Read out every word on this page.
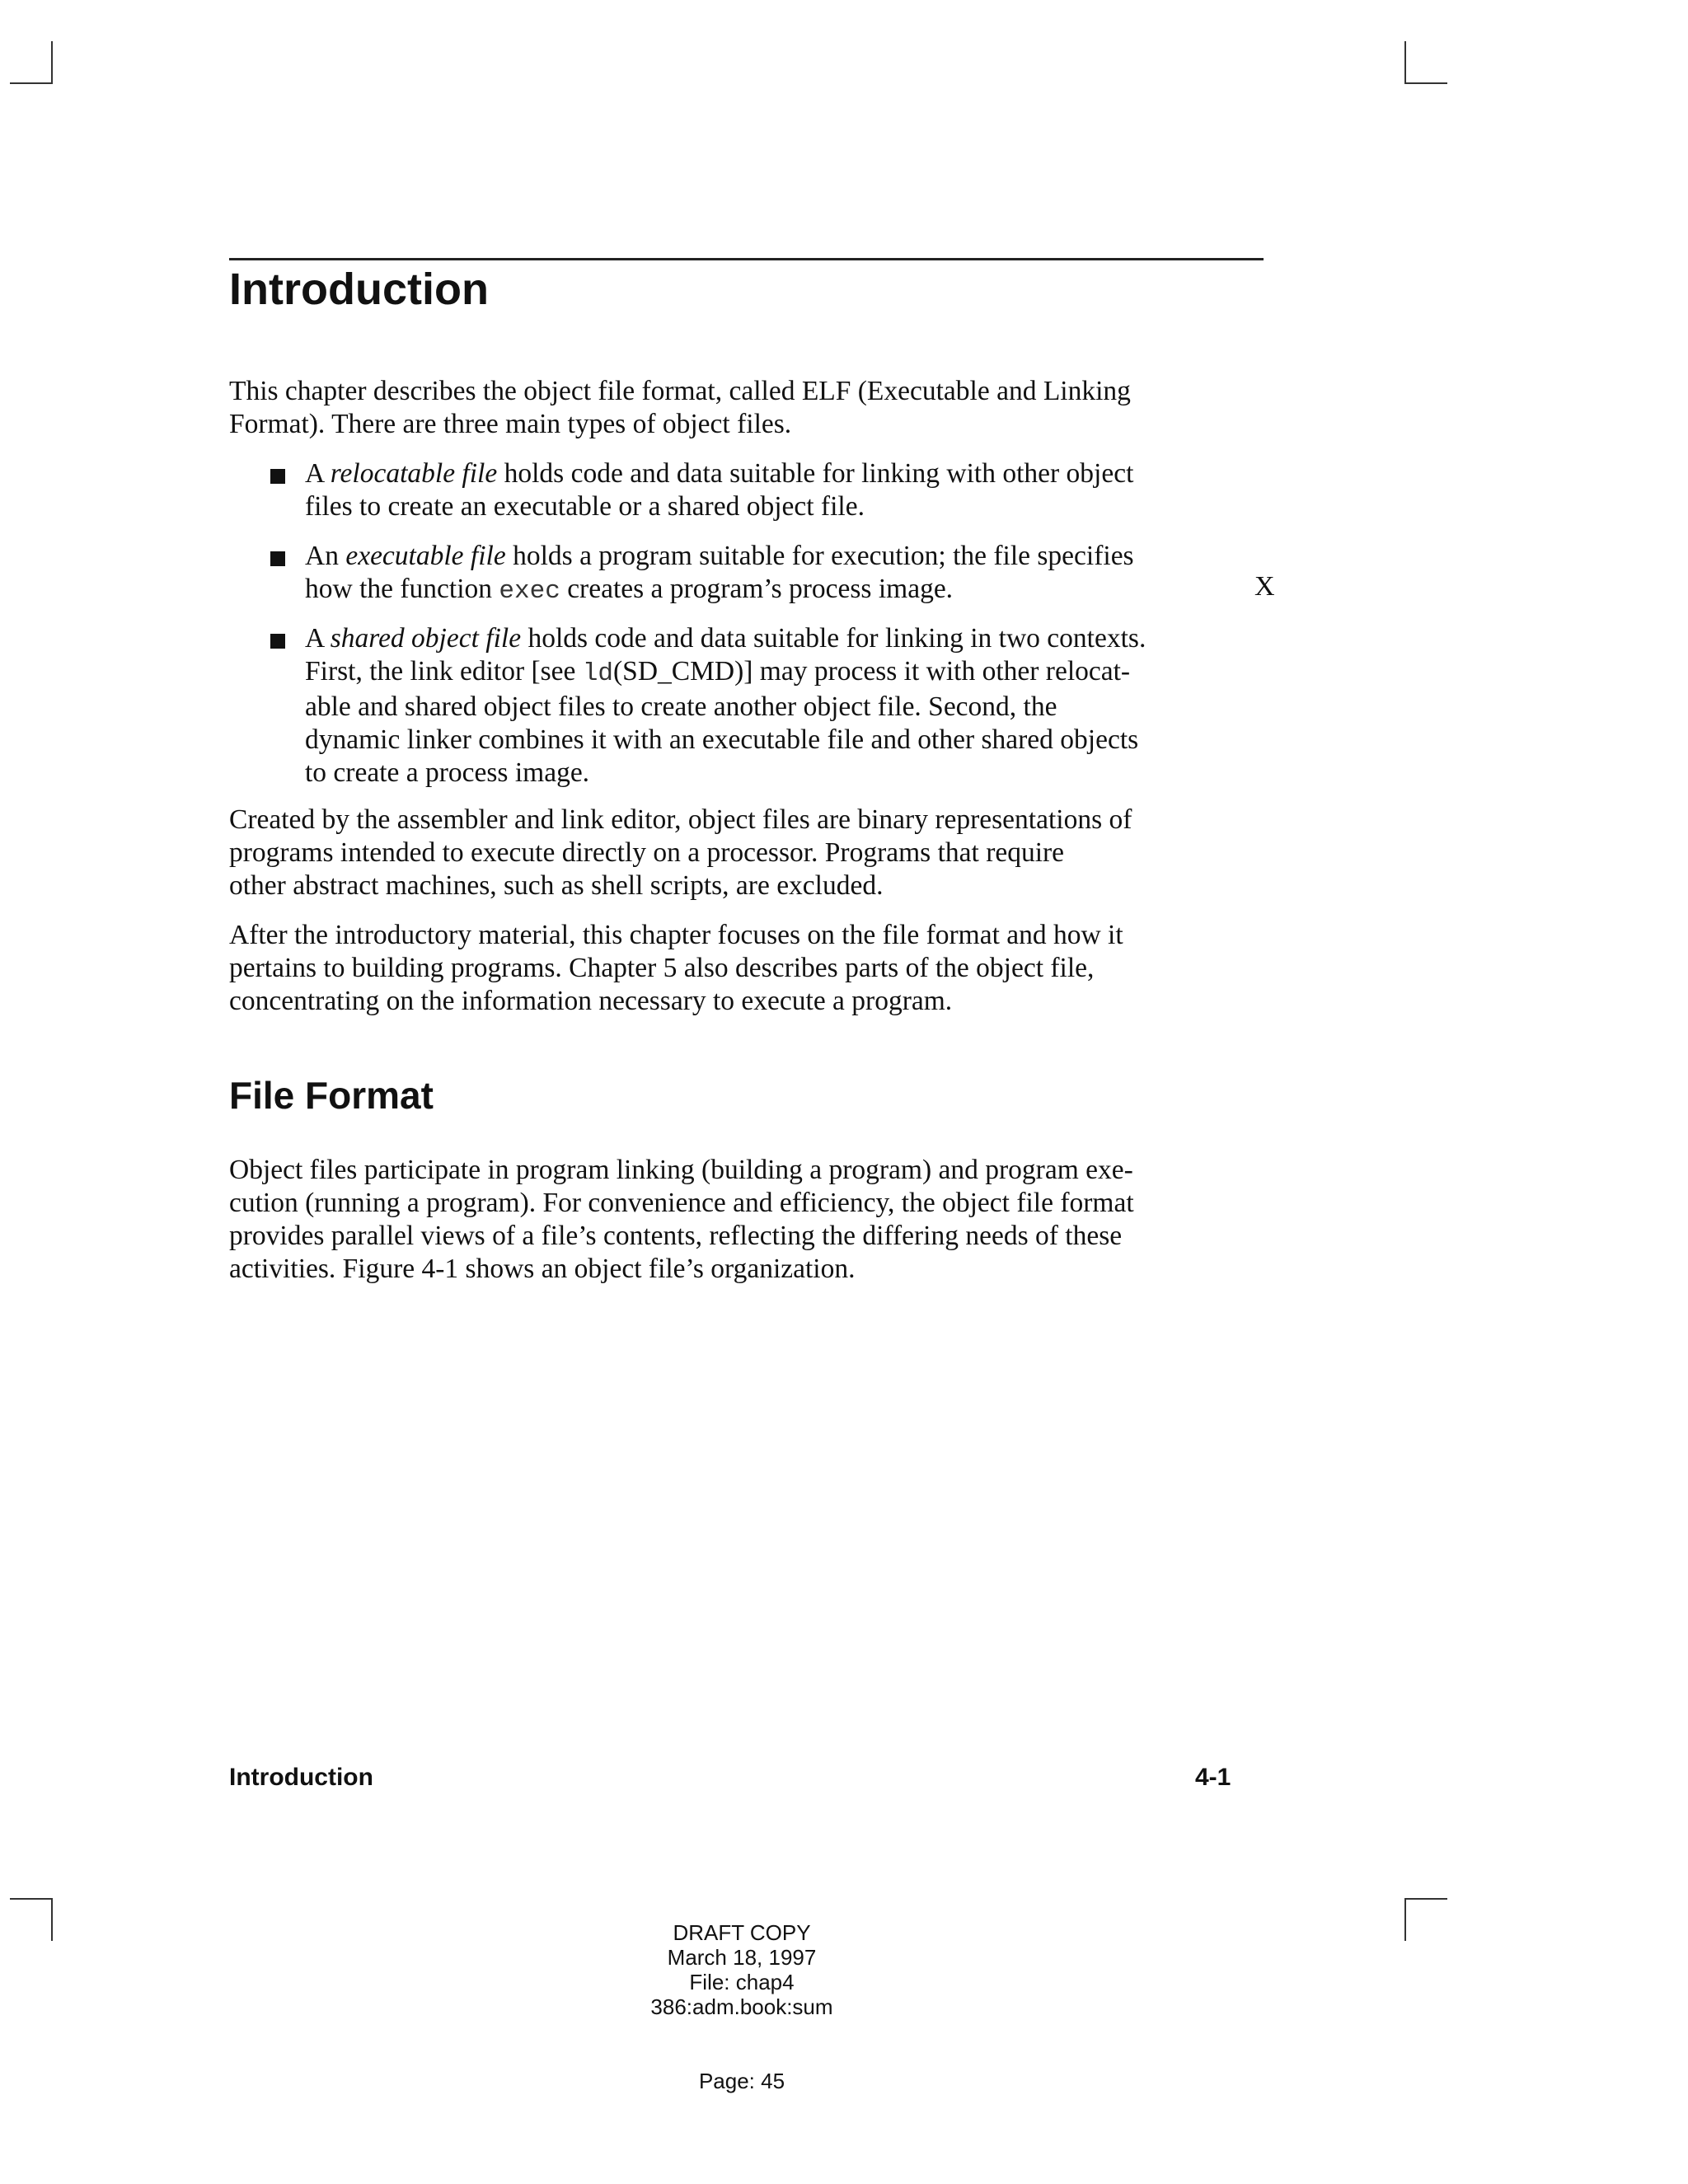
Introduction
This chapter describes the object file format, called ELF (Executable and Linking
Format). There are three main types of object files.
A relocatable file holds code and data suitable for linking with other object
files to create an executable or a shared object file.
An executable file holds a program suitable for execution; the file specifies
how the function exec creates a program’s process image.	X
A shared object file holds code and data suitable for linking in two contexts.
First, the link editor [see ld(SD_CMD)] may process it with other relocat-
able and shared object files to create another object file. Second, the
dynamic linker combines it with an executable file and other shared objects
to create a process image.
Created by the assembler and link editor, object files are binary representations of
programs intended to execute directly on a processor. Programs that require
other abstract machines, such as shell scripts, are excluded.
After the introductory material, this chapter focuses on the file format and how it
pertains to building programs. Chapter 5 also describes parts of the object file,
concentrating on the information necessary to execute a program.
File Format
Object files participate in program linking (building a program) and program exe-
cution (running a program). For convenience and efficiency, the object file format
provides parallel views of a file’s contents, reflecting the differing needs of these
activities. Figure 4-1 shows an object file’s organization.
Introduction	4-1
DRAFT COPY
March 18, 1997
File: chap4
386:adm.book:sum
Page: 45
